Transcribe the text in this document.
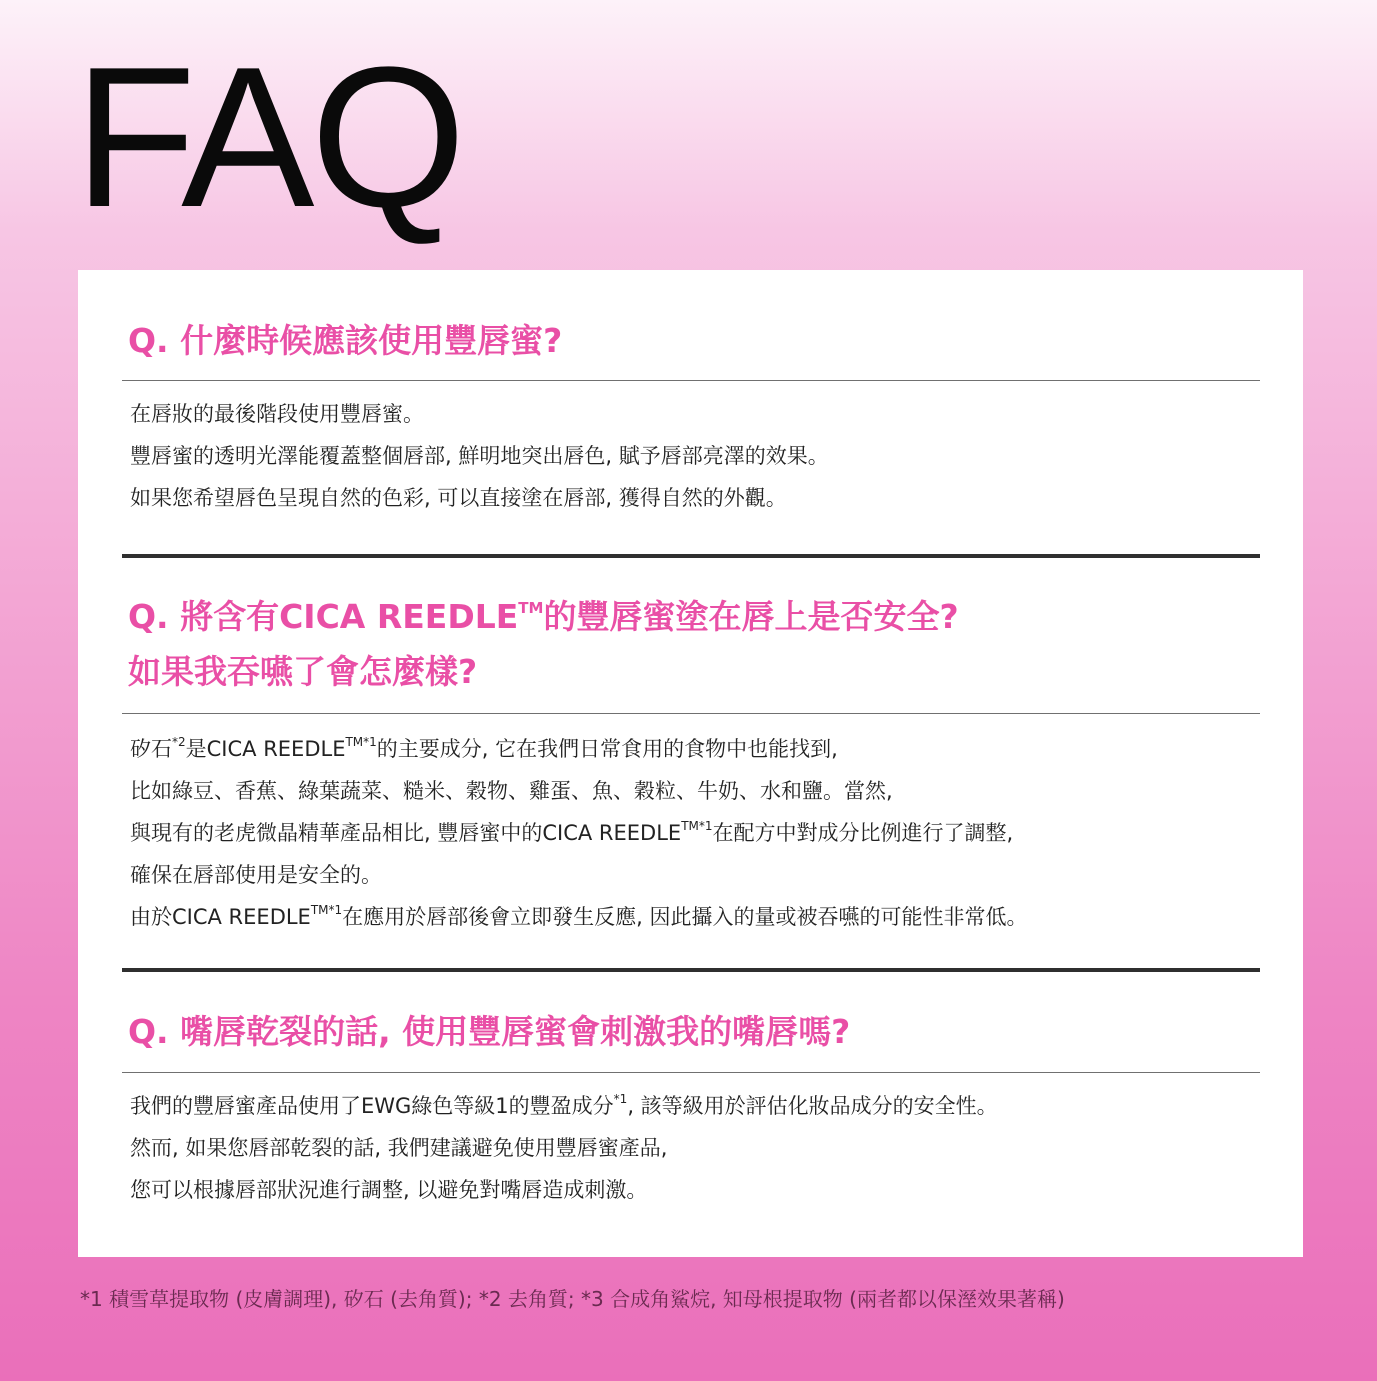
FAQ
Q. 什麼時候應該使用豐唇蜜?
在唇妝的最後階段使用豐唇蜜。
豐唇蜜的透明光澤能覆蓋整個唇部, 鮮明地突出唇色, 賦予唇部亮澤的效果。
如果您希望唇色呈現自然的色彩, 可以直接塗在唇部, 獲得自然的外觀。
Q. 將含有CICA REEDLE™的豐唇蜜塗在唇上是否安全?
如果我吞嚥了會怎麼樣?
矽石$^{*2}$是CICA $REEDLE^{TM*1}$的主要成分, 它在我們日常食用的食物中也能找到,
比如綠豆、香蕉、綠葉蔬菜、糙米、穀物、雞蛋、魚、穀粒、牛奶、水和鹽。當然,
與現有的老虎微晶精華產品相比, 豐唇蜜中的CICA $REEDLE^{TM*1}$在配方中對成分比例進行了調整,
確保在唇部使用是安全的。
由於CICA $REEDLE^{TM*1}$在應用於唇部後會立即發生反應, 因此攝入的量或被吞嚥的可能性非常低。
Q. 嘴唇乾裂的話, 使用豐唇蜜會刺激我的嘴唇嗎?
我們的豐唇蜜產品使用了EWG綠色等級1的豐盈成分$^{*1}$, 該等級用於評估化妝品成分的安全性。
然而, 如果您唇部乾裂的話, 我們建議避免使用豐唇蜜產品,
您可以根據唇部狀況進行調整, 以避免對嘴唇造成刺激。

*1 積雪草提取物 (皮膚調理), 矽石 (去角質); *2 去角質; *3 合成角鯊烷, 知母根提取物 (兩者都以保溼效果著稱)
